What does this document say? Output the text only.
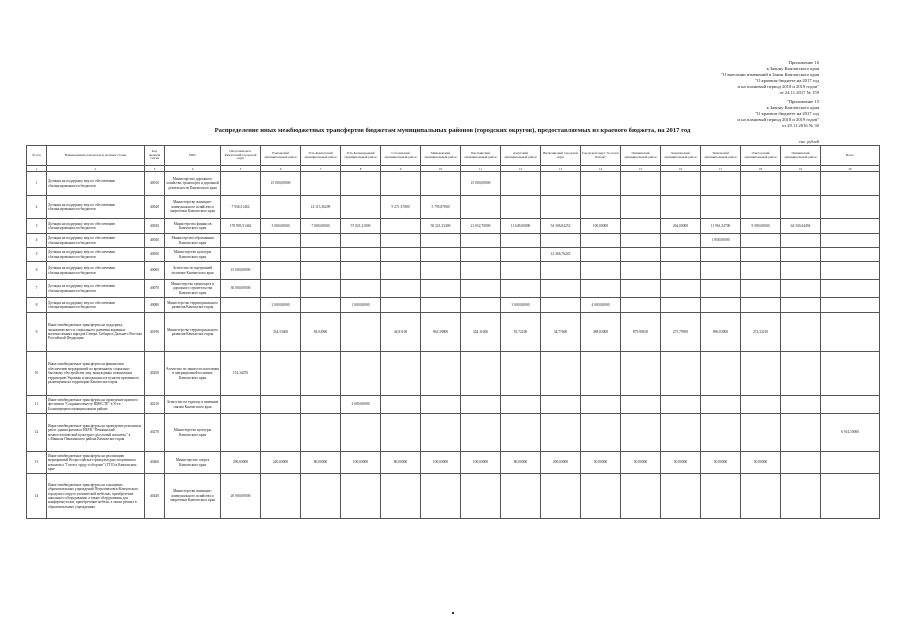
Приложение 16
к Закону Камчатского края
"О внесении изменений в Закон Камчатского края
"О краевом бюджете на 2017 год
и на плановый период 2018 и 2019 годов"
от 24.11.2017 № 159
"Приложение 15
к Закону Камчатского края
"О краевом бюджете на 2017 год
и на плановый период 2018 и 2019 годов"
от 29.11.2016 № 30
Распределение иных межбюджетных трансфертов бюджетам муниципальных районов (городских округов), предоставляемых из краевого бюджета, на 2017 год
тыс. рублей
№ п/п	Наименование показателя и целевые статьи	Код целевой статьи	ГРБС	Петропавловск-Камчатский городской округ	Елизовский муниципальный район	Усть-Камчатский муниципальный район	Усть-Большерецкий муниципальный район	Соболевский муниципальный район	Мильковский муниципальный район	Быстринский муниципальный район	Алеутский муниципальный район	Вилючинский городской округ	Городской округ "поселок Палана"	Пенжинский муниципальный район	Карагинский муниципальный район	Тигильский муниципальный район	Олюторский муниципальный район	Пенжинский муниципальный район	Всего	
1	2	3	4	5	6	7	8	9	10	11	12	13	14	15	16	17	18	19	20	
1	Дотация на поддержку мер по обеспечению сбалансированности бюджетов	40010	Министерство дорожного хозяйства, транспорта и дорожной деятельности Камчатского края		15 000,00000					15 000,00000										
2	Дотация на поддержку мер по обеспечению сбалансированности бюджетов	40020	Министерство жилищно-коммунального хозяйства и энергетики Камчатского края	7 936,51462		14 113,36209		9 271,37800	5 795,87800											
3	Дотация на поддержку мер по обеспечению сбалансированности бюджетов	40030	Министерство финансов Камчатского края	178 995,51462	3 000,00000	7 000,00000	57 021,21000		50 321,33400	21 652,70000	11 649,00000	54 396,84253	100,00000		264,00000	11 961,54700	9 580,00000	64 330,44494		
4	Дотация на поддержку мер по обеспечению сбалансированности бюджетов	40040	Министерство образования Камчатского края													1 858,00000				
5	Дотация на поддержку мер по обеспечению сбалансированности бюджетов	40050	Министерство культуры Камчатского края									12 366,76245								
6	Дотация на поддержку мер по обеспечению сбалансированности бюджетов	40060	Агентство по внутренней политике Камчатского края	15 000,00000																
7	Дотация на поддержку мер по обеспечению сбалансированности бюджетов	40070	Министерство транспорта и дорожного строительства Камчатского края	30 000,00000																
8	Дотация на поддержку мер по обеспечению сбалансированности бюджетов	40080	Министерство территориального развития Камчатского края		2 000,00000		1 000,00000				3 000,00000		4 000,00000							
9	Иные межбюджетные трансферты на поддержку экономического и социального развития коренных малочисленных народов Севера, Сибири и Дальнего Востока Российской Федерации	40190	Министерство территориального развития Камчатского края		334,33400	83,04900		44,81100	963,39800	454,11600	81,72100	34,77600	388,83000	879,98100	275,79950	890,03900	272,33210			
10	Иные межбюджетные трансферты на финансовое обеспечение мероприятий по временному социально-бытовому обустройству лиц, вынужденно покинувших территорию Украины и находящихся в пунктах временного размещения на территории Камчатского края	40250	Агентство по занятости населения и миграционной политике Камчатского края	152,34476																
11	Иные межбюджетные трансферты на проведение краевого фестиваля "Сохраним вместе ВМЕСТЕ" в Усть-Большерецком муниципальном районе	40210	Агентство по туризму и внешним связям Камчатского края				2 000,00000													
12	Иные межбюджетные трансферты на проведение ремонтных работ здания филиала МБУК "Пенжинский межпоселенческий культурно-досуговый комплекс" в с.Манилы Пенжинского района Камчатского края	40270	Министерство культуры Камчатского края																6 914,10000	
13	Иные межбюджетные трансферты на реализацию мероприятий Всероссийского физкультурно-спортивного комплекса "Готов к труду и обороне" (ГТО) в Камчатском крае	40460	Министерство спорта Камчатского края	290,00000	220,00000	80,00000	100,00000	80,00000	100,00000	100,00000	80,00000	200,00000	50,00000	50,00000	50,00000	50,00000	50,00000			
14	Иные межбюджетные трансферты на оснащение образовательных учреждений Петропавловск-Камчатского городского округа ученической мебелью, приобретение школьного оборудования, а также оборудования для конференц-залов, приобретение мебели, а также ремонт в образовательных учреждениях	40440	Министерство жилищно-коммунального хозяйства и энергетики Камчатского края	20 000,00000																
